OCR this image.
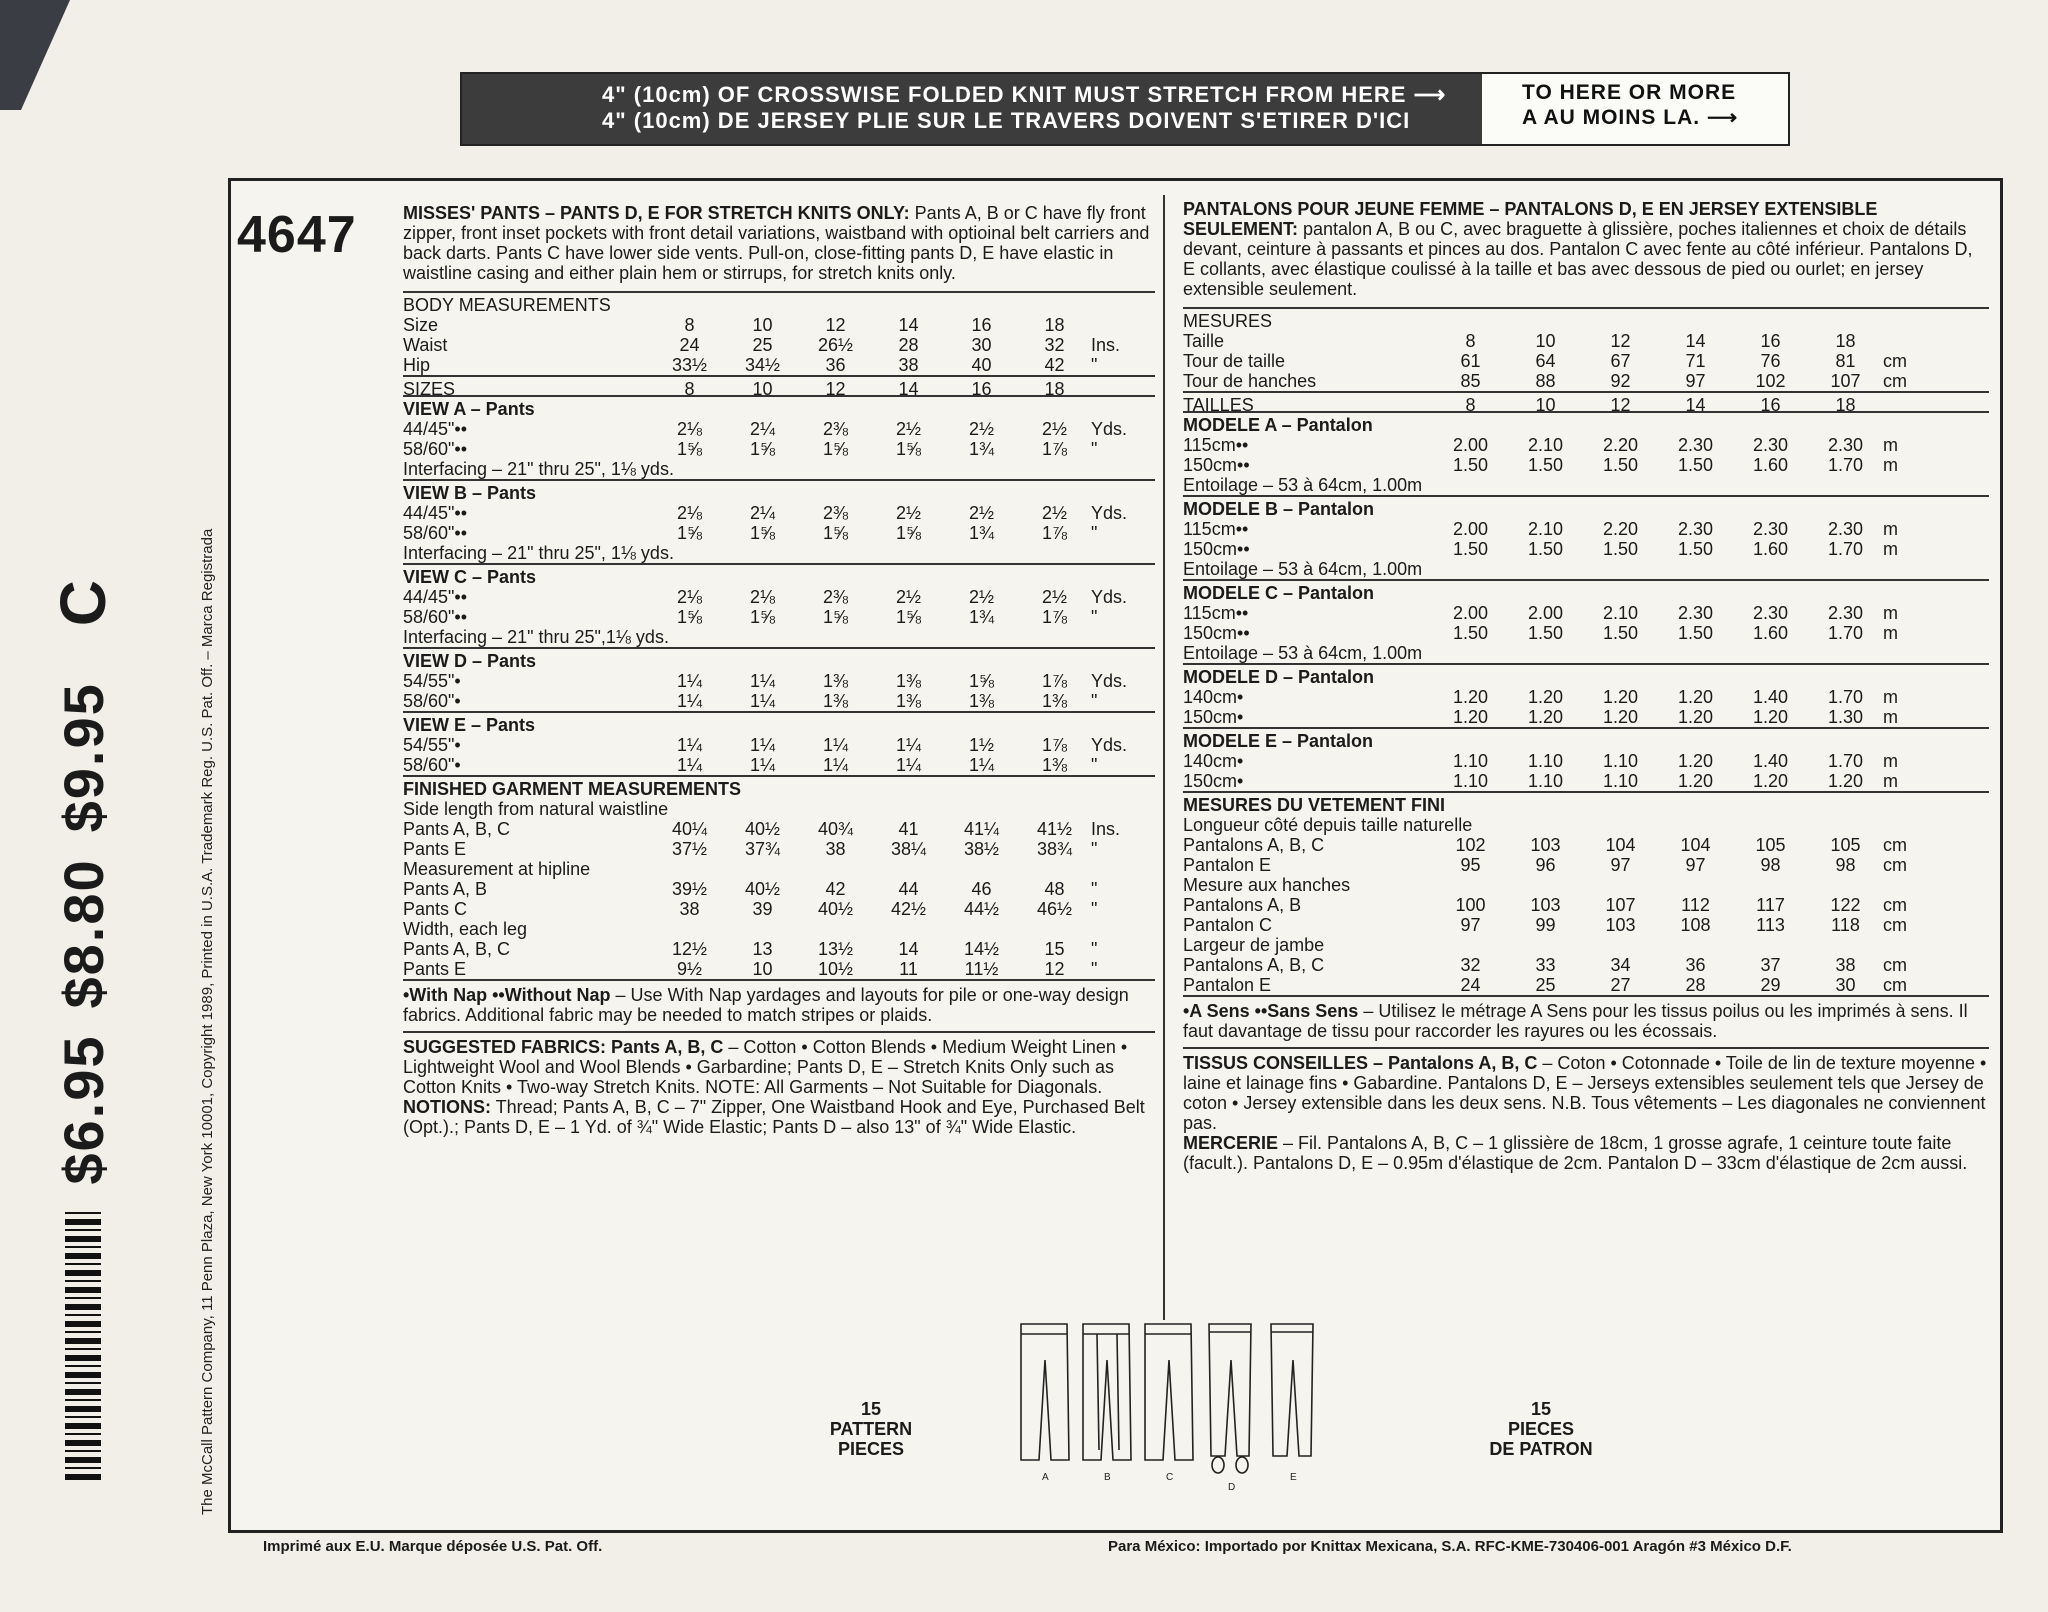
4" (10cm) OF CROSSWISE FOLDED KNIT MUST STRETCH FROM HERE ⟶
4" (10cm) DE JERSEY PLIE SUR LE TRAVERS DOIVENT S'ETIRER D'ICI
TO HERE OR MORE
A AU MOINS LA. ⟶
The McCall Pattern Company, 11 Penn Plaza, New York 10001, Copyright 1989, Printed in U.S.A. Trademark Reg. U.S. Pat. Off. – Marca Registrada
$6.95
$8.80
$9.95
C
4647	MISSES' PANTS – PANTS D, E FOR STRETCH KNITS ONLY: Pants A, B or C have fly front zipper, front inset pockets with front detail variations, waistband with optioinal belt carriers and back darts. Pants C have lower side vents. Pull-on, close-fitting pants D, E have elastic in waistline casing and either plain hem or stirrups, for stretch knits only.
BODY MEASUREMENTS
Size	8	10	12	14	16	18
Waist	24	25	26½	28	30	32	Ins.
Hip	33½	34½	36	38	40	42	"
SIZES	8	10	12	14	16	18
VIEW A – Pants
44/45"••	2⅛	2¼	2⅜	2½	2½	2½	Yds.
58/60"••	1⅝	1⅝	1⅝	1⅝	1¾	1⅞	"
Interfacing – 21" thru 25", 1⅛ yds.
VIEW B – Pants
44/45"••	2⅛	2¼	2⅜	2½	2½	2½	Yds.
58/60"••	1⅝	1⅝	1⅝	1⅝	1¾	1⅞	"
Interfacing – 21" thru 25", 1⅛ yds.
VIEW C – Pants
44/45"••	2⅛	2⅛	2⅜	2½	2½	2½	Yds.
58/60"••	1⅝	1⅝	1⅝	1⅝	1¾	1⅞	"
Interfacing – 21" thru 25",1⅛ yds.
VIEW D – Pants
54/55"•	1¼	1¼	1⅜	1⅜	1⅝	1⅞	Yds.
58/60"•	1¼	1¼	1⅜	1⅜	1⅜	1⅜	"
VIEW E – Pants
54/55"•	1¼	1¼	1¼	1¼	1½	1⅞	Yds.
58/60"•	1¼	1¼	1¼	1¼	1¼	1⅜	"
FINISHED GARMENT MEASUREMENTS
Side length from natural waistline
Pants A, B, C	40¼	40½	40¾	41	41¼	41½	Ins.
Pants E	37½	37¾	38	38¼	38½	38¾	"
Measurement at hipline
Pants A, B	39½	40½	42	44	46	48	"
Pants C	38	39	40½	42½	44½	46½	"
Width, each leg
Pants A, B, C	12½	13	13½	14	14½	15	"
Pants E	9½	10	10½	11	11½	12	"
•With Nap ••Without Nap – Use With Nap yardages and layouts for pile or one-way design fabrics. Additional fabric may be needed to match stripes or plaids.
SUGGESTED FABRICS: Pants A, B, C – Cotton • Cotton Blends • Medium Weight Linen • Lightweight Wool and Wool Blends • Garbardine; Pants D, E – Stretch Knits Only such as Cotton Knits • Two-way Stretch Knits. NOTE: All Garments – Not Suitable for Diagonals.
NOTIONS: Thread; Pants A, B, C – 7" Zipper, One Waistband Hook and Eye, Purchased Belt (Opt.).; Pants D, E – 1 Yd. of ¾" Wide Elastic; Pants D – also 13" of ¾" Wide Elastic.
PANTALONS POUR JEUNE FEMME – PANTALONS D, E EN JERSEY EXTENSIBLE SEULEMENT: pantalon A, B ou C, avec braguette à glissière, poches italiennes et choix de détails devant, ceinture à passants et pinces au dos. Pantalon C avec fente au côté inférieur. Pantalons D, E collants, avec élastique coulissé à la taille et bas avec dessous de pied ou ourlet; en jersey extensible seulement.
MESURES
Taille	8	10	12	14	16	18
Tour de taille	61	64	67	71	76	81	cm
Tour de hanches	85	88	92	97	102	107	cm
TAILLES	8	10	12	14	16	18
MODELE A – Pantalon
115cm••	2.00	2.10	2.20	2.30	2.30	2.30	m
150cm••	1.50	1.50	1.50	1.50	1.60	1.70	m
Entoilage – 53 à 64cm, 1.00m
MODELE B – Pantalon
115cm••	2.00	2.10	2.20	2.30	2.30	2.30	m
150cm••	1.50	1.50	1.50	1.50	1.60	1.70	m
Entoilage – 53 à 64cm, 1.00m
MODELE C – Pantalon
115cm••	2.00	2.00	2.10	2.30	2.30	2.30	m
150cm••	1.50	1.50	1.50	1.50	1.60	1.70	m
Entoilage – 53 à 64cm, 1.00m
MODELE D – Pantalon
140cm•	1.20	1.20	1.20	1.20	1.40	1.70	m
150cm•	1.20	1.20	1.20	1.20	1.20	1.30	m
MODELE E – Pantalon
140cm•	1.10	1.10	1.10	1.20	1.40	1.70	m
150cm•	1.10	1.10	1.10	1.20	1.20	1.20	m
MESURES DU VETEMENT FINI
Longueur côté depuis taille naturelle
Pantalons A, B, C	102	103	104	104	105	105	cm
Pantalon E	95	96	97	97	98	98	cm
Mesure aux hanches
Pantalons A, B	100	103	107	112	117	122	cm
Pantalon C	97	99	103	108	113	118	cm
Largeur de jambe
Pantalons A, B, C	32	33	34	36	37	38	cm
Pantalon E	24	25	27	28	29	30	cm
•A Sens ••Sans Sens – Utilisez le métrage A Sens pour les tissus poilus ou les imprimés à sens. Il faut davantage de tissu pour raccorder les rayures ou les écossais.
TISSUS CONSEILLES – Pantalons A, B, C – Coton • Cotonnade • Toile de lin de texture moyenne • laine et lainage fins • Gabardine. Pantalons D, E – Jerseys extensibles seulement tels que Jersey de coton • Jersey extensible dans les deux sens. N.B. Tous vêtements – Les diagonales ne conviennent pas.
MERCERIE – Fil. Pantalons A, B, C – 1 glissière de 18cm, 1 grosse agrafe, 1 ceinture toute faite (facult.). Pantalons D, E – 0.95m d'élastique de 2cm. Pantalon D – 33cm d'élastique de 2cm aussi.
15
PATTERN
PIECES
15
PIECES
DE PATRON
A	B	C
D
E
Imprimé aux E.U. Marque déposée U.S. Pat. Off.	Para México: Importado por Knittax Mexicana, S.A. RFC-KME-730406-001 Aragón #3 México D.F.
